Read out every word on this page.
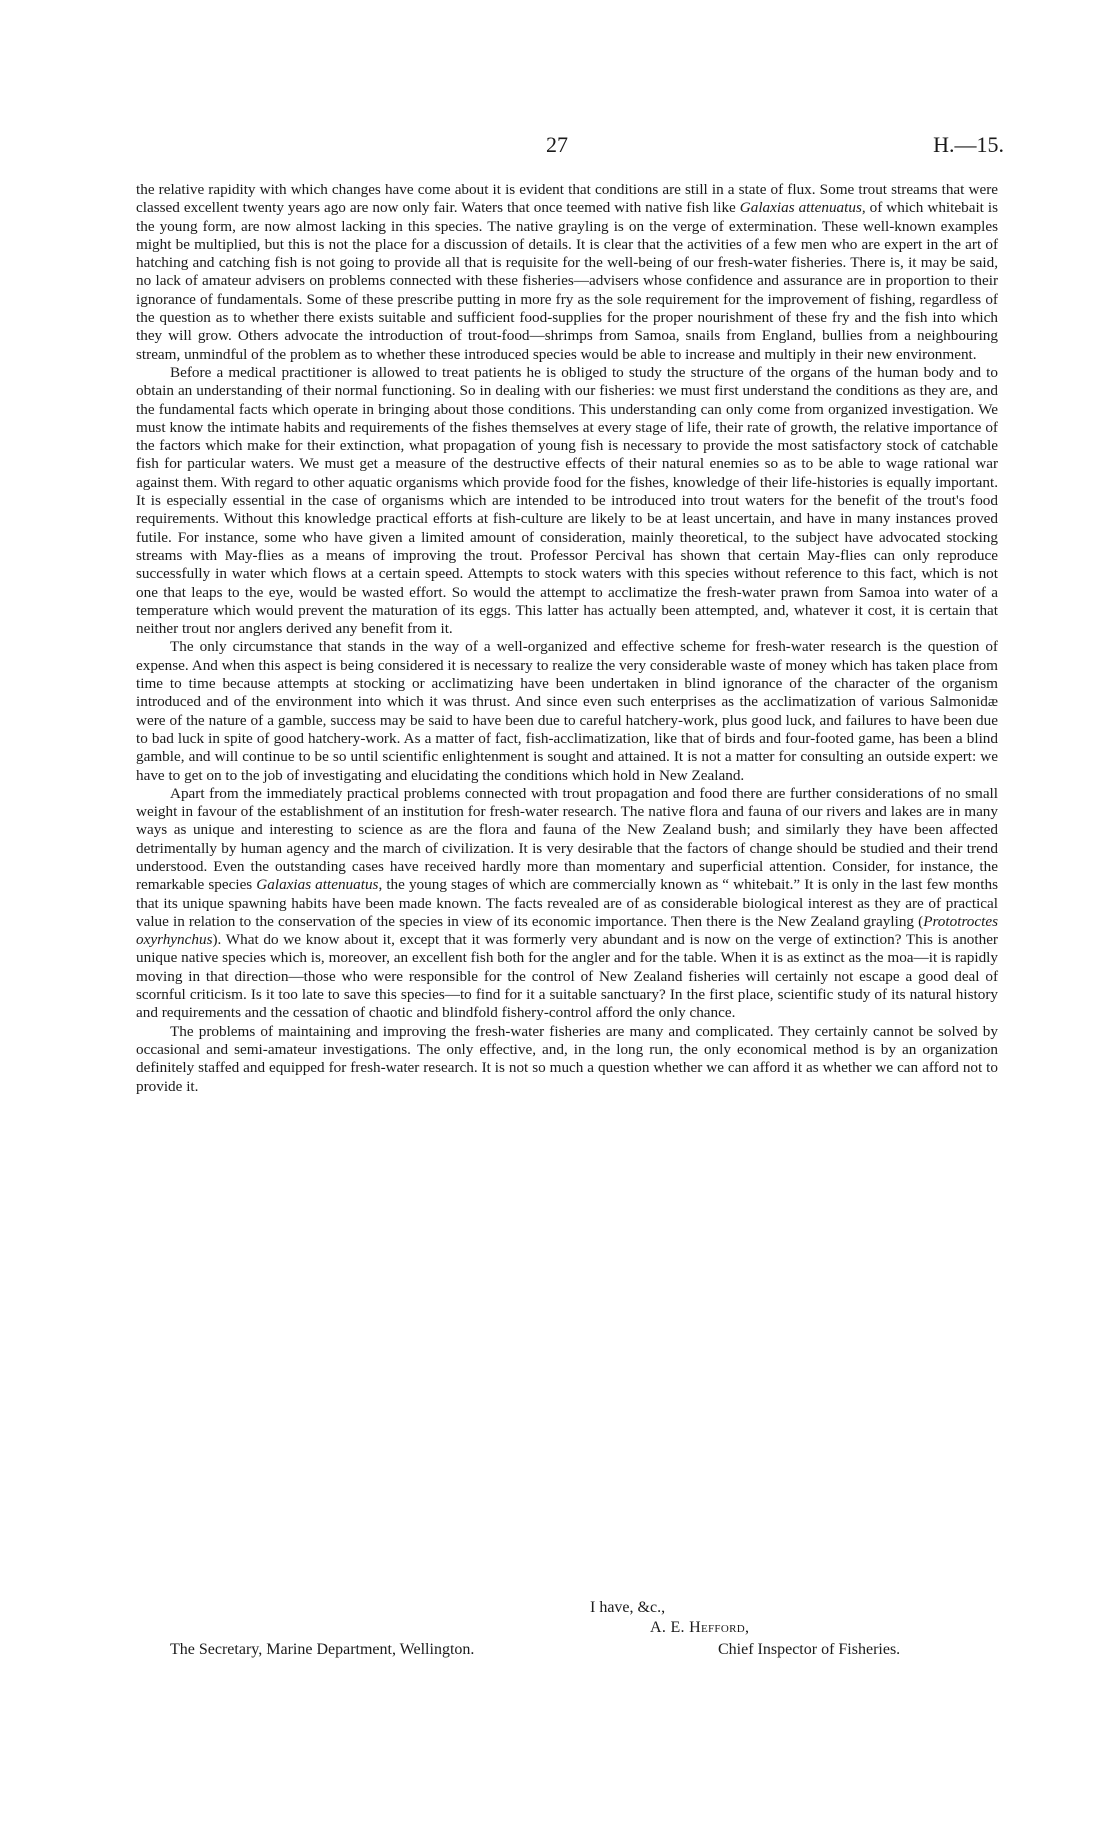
27	H.—15.

the relative rapidity with which changes have come about it is evident that conditions are still in a state of flux. Some trout streams that were classed excellent twenty years ago are now only fair. Waters that once teemed with native fish like Galaxias attenuatus, of which whitebait is the young form, are now almost lacking in this species. The native grayling is on the verge of extermination. These well-known examples might be multiplied, but this is not the place for a discussion of details. It is clear that the activities of a few men who are expert in the art of hatching and catching fish is not going to provide all that is requisite for the well-being of our fresh-water fisheries. There is, it may be said, no lack of amateur advisers on problems connected with these fisheries—advisers whose confidence and assurance are in proportion to their ignorance of fundamentals. Some of these prescribe putting in more fry as the sole requirement for the improvement of fishing, regardless of the question as to whether there exists suitable and sufficient food-supplies for the proper nourishment of these fry and the fish into which they will grow. Others advocate the introduction of trout-food—shrimps from Samoa, snails from England, bullies from a neighbouring stream, unmindful of the problem as to whether these introduced species would be able to increase and multiply in their new environment.

Before a medical practitioner is allowed to treat patients he is obliged to study the structure of the organs of the human body and to obtain an understanding of their normal functioning. So in dealing with our fisheries: we must first understand the conditions as they are, and the fundamental facts which operate in bringing about those conditions. This understanding can only come from organized investigation. We must know the intimate habits and requirements of the fishes themselves at every stage of life, their rate of growth, the relative importance of the factors which make for their extinction, what propagation of young fish is necessary to provide the most satisfactory stock of catchable fish for particular waters. We must get a measure of the destructive effects of their natural enemies so as to be able to wage rational war against them. With regard to other aquatic organisms which provide food for the fishes, knowledge of their life-histories is equally important. It is especially essential in the case of organisms which are intended to be introduced into trout waters for the benefit of the trout's food requirements. Without this knowledge practical efforts at fish-culture are likely to be at least uncertain, and have in many instances proved futile. For instance, some who have given a limited amount of consideration, mainly theoretical, to the subject have advocated stocking streams with May-flies as a means of improving the trout. Professor Percival has shown that certain May-flies can only reproduce successfully in water which flows at a certain speed. Attempts to stock waters with this species without reference to this fact, which is not one that leaps to the eye, would be wasted effort. So would the attempt to acclimatize the fresh-water prawn from Samoa into water of a temperature which would prevent the maturation of its eggs. This latter has actually been attempted, and, whatever it cost, it is certain that neither trout nor anglers derived any benefit from it.

The only circumstance that stands in the way of a well-organized and effective scheme for fresh-water research is the question of expense. And when this aspect is being considered it is necessary to realize the very considerable waste of money which has taken place from time to time because attempts at stocking or acclimatizing have been undertaken in blind ignorance of the character of the organism introduced and of the environment into which it was thrust. And since even such enterprises as the acclimatization of various Salmonidæ were of the nature of a gamble, success may be said to have been due to careful hatchery-work, plus good luck, and failures to have been due to bad luck in spite of good hatchery-work. As a matter of fact, fish-acclimatization, like that of birds and four-footed game, has been a blind gamble, and will continue to be so until scientific enlightenment is sought and attained. It is not a matter for consulting an outside expert: we have to get on to the job of investigating and elucidating the conditions which hold in New Zealand.

Apart from the immediately practical problems connected with trout propagation and food there are further considerations of no small weight in favour of the establishment of an institution for fresh-water research. The native flora and fauna of our rivers and lakes are in many ways as unique and interesting to science as are the flora and fauna of the New Zealand bush; and similarly they have been affected detrimentally by human agency and the march of civilization. It is very desirable that the factors of change should be studied and their trend understood. Even the outstanding cases have received hardly more than momentary and superficial attention. Consider, for instance, the remarkable species Galaxias attenuatus, the young stages of which are commercially known as “ whitebait.” It is only in the last few months that its unique spawning habits have been made known. The facts revealed are of as considerable biological interest as they are of practical value in relation to the conservation of the species in view of its economic importance. Then there is the New Zealand grayling (Prototroctes oxyrhynchus). What do we know about it, except that it was formerly very abundant and is now on the verge of extinction? This is another unique native species which is, moreover, an excellent fish both for the angler and for the table. When it is as extinct as the moa—it is rapidly moving in that direction—those who were responsible for the control of New Zealand fisheries will certainly not escape a good deal of scornful criticism. Is it too late to save this species—to find for it a suitable sanctuary? In the first place, scientific study of its natural history and requirements and the cessation of chaotic and blindfold fishery-control afford the only chance.

The problems of maintaining and improving the fresh-water fisheries are many and complicated. They certainly cannot be solved by occasional and semi-amateur investigations. The only effective, and, in the long run, the only economical method is by an organization definitely staffed and equipped for fresh-water research. It is not so much a question whether we can afford it as whether we can afford not to provide it.

I have, &c.,
A. E. Hefford,
The Secretary, Marine Department, Wellington.	Chief Inspector of Fisheries.
